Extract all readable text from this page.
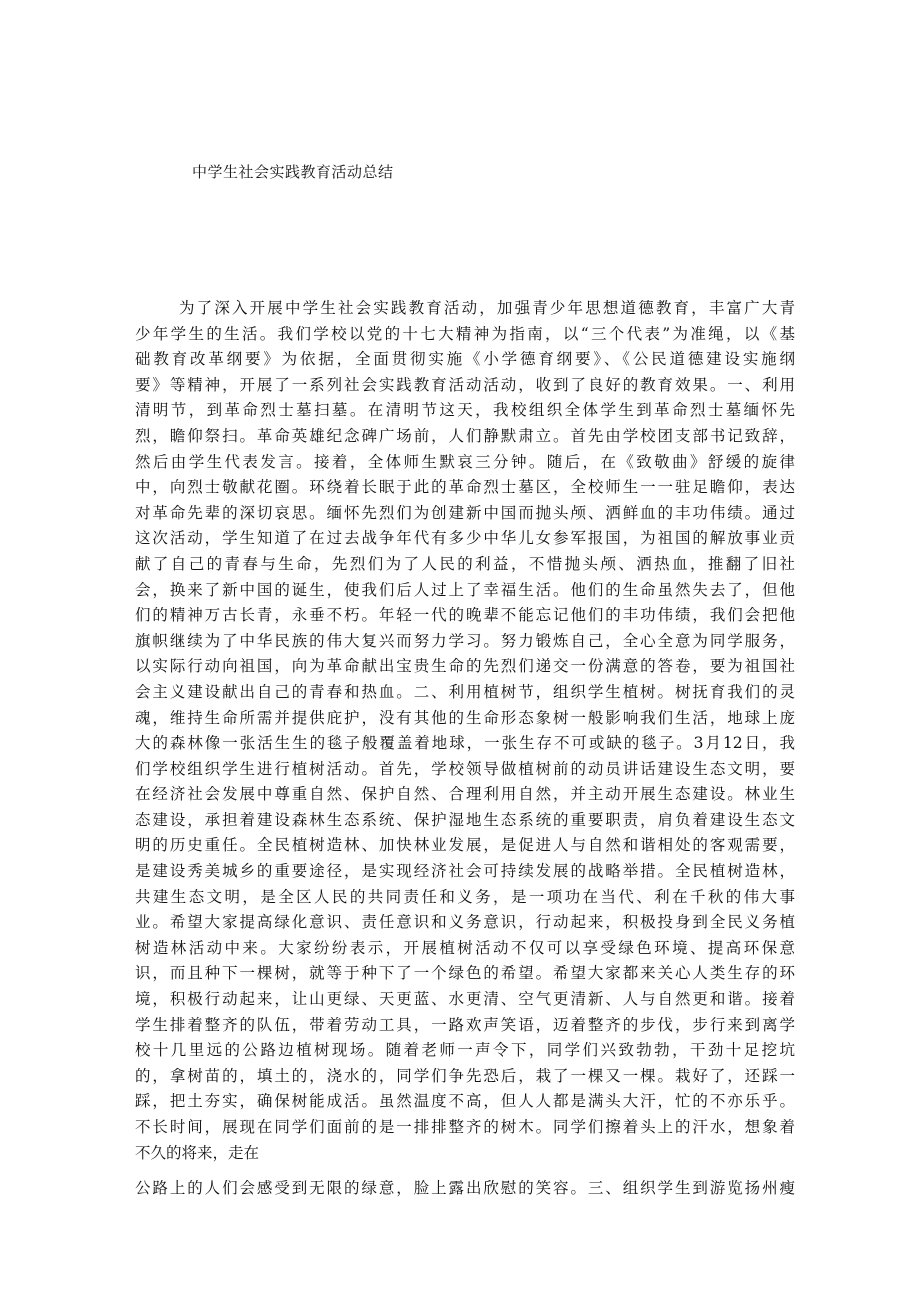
中学生社会实践教育活动总结
为了深入开展中学生社会实践教育活动，加强青少年思想道德教育，丰富广大青
少年学生的生活。我们学校以党的十七大精神为指南，以“三个代表”为准绳，以《基
础教育改革纲要》为依据，全面贯彻实施《小学德育纲要》、《公民道德建设实施纲
要》等精神，开展了一系列社会实践教育活动活动，收到了良好的教育效果。一、利用
清明节，到革命烈士墓扫墓。在清明节这天，我校组织全体学生到革命烈士墓缅怀先
烈，瞻仰祭扫。革命英雄纪念碑广场前，人们静默肃立。首先由学校团支部书记致辞，
然后由学生代表发言。接着，全体师生默哀三分钟。随后，在《致敬曲》舒缓的旋律
中，向烈士敬献花圈。环绕着长眠于此的革命烈士墓区，全校师生一一驻足瞻仰，表达
对革命先辈的深切哀思。缅怀先烈们为创建新中国而抛头颅、洒鲜血的丰功伟绩。通过
这次活动，学生知道了在过去战争年代有多少中华儿女参军报国，为祖国的解放事业贡
献了自己的青春与生命，先烈们为了人民的利益，不惜抛头颅、洒热血，推翻了旧社
会，换来了新中国的诞生，使我们后人过上了幸福生活。他们的生命虽然失去了，但他
们的精神万古长青，永垂不朽。年轻一代的晚辈不能忘记他们的丰功伟绩，我们会把他
旗帜继续为了中华民族的伟大复兴而努力学习。努力锻炼自己，全心全意为同学服务，
以实际行动向祖国，向为革命献出宝贵生命的先烈们递交一份满意的答卷，要为祖国社
会主义建设献出自己的青春和热血。二、利用植树节，组织学生植树。树抚育我们的灵
魂，维持生命所需并提供庇护，没有其他的生命形态象树一般影响我们生活，地球上庞
大的森林像一张活生生的毯子般覆盖着地球，一张生存不可或缺的毯子。3月12日，我
们学校组织学生进行植树活动。首先，学校领导做植树前的动员讲话建设生态文明，要
在经济社会发展中尊重自然、保护自然、合理利用自然，并主动开展生态建设。林业生
态建设，承担着建设森林生态系统、保护湿地生态系统的重要职责，肩负着建设生态文
明的历史重任。全民植树造林、加快林业发展，是促进人与自然和谐相处的客观需要，
是建设秀美城乡的重要途径，是实现经济社会可持续发展的战略举措。全民植树造林，
共建生态文明，是全区人民的共同责任和义务，是一项功在当代、利在千秋的伟大事
业。希望大家提高绿化意识、责任意识和义务意识，行动起来，积极投身到全民义务植
树造林活动中来。大家纷纷表示，开展植树活动不仅可以享受绿色环境、提高环保意
识，而且种下一棵树，就等于种下了一个绿色的希望。希望大家都来关心人类生存的环
境，积极行动起来，让山更绿、天更蓝、水更清、空气更清新、人与自然更和谐。接着
学生排着整齐的队伍，带着劳动工具，一路欢声笑语，迈着整齐的步伐，步行来到离学
校十几里远的公路边植树现场。随着老师一声令下，同学们兴致勃勃，干劲十足挖坑
的，拿树苗的，填土的，浇水的，同学们争先恐后，栽了一棵又一棵。栽好了，还踩一
踩，把土夯实，确保树能成活。虽然温度不高，但人人都是满头大汗，忙的不亦乐乎。
不长时间，展现在同学们面前的是一排排整齐的树木。同学们擦着头上的汗水，想象着
不久的将来，走在
公路上的人们会感受到无限的绿意，脸上露出欣慰的笑容。三、组织学生到游览扬州瘦
